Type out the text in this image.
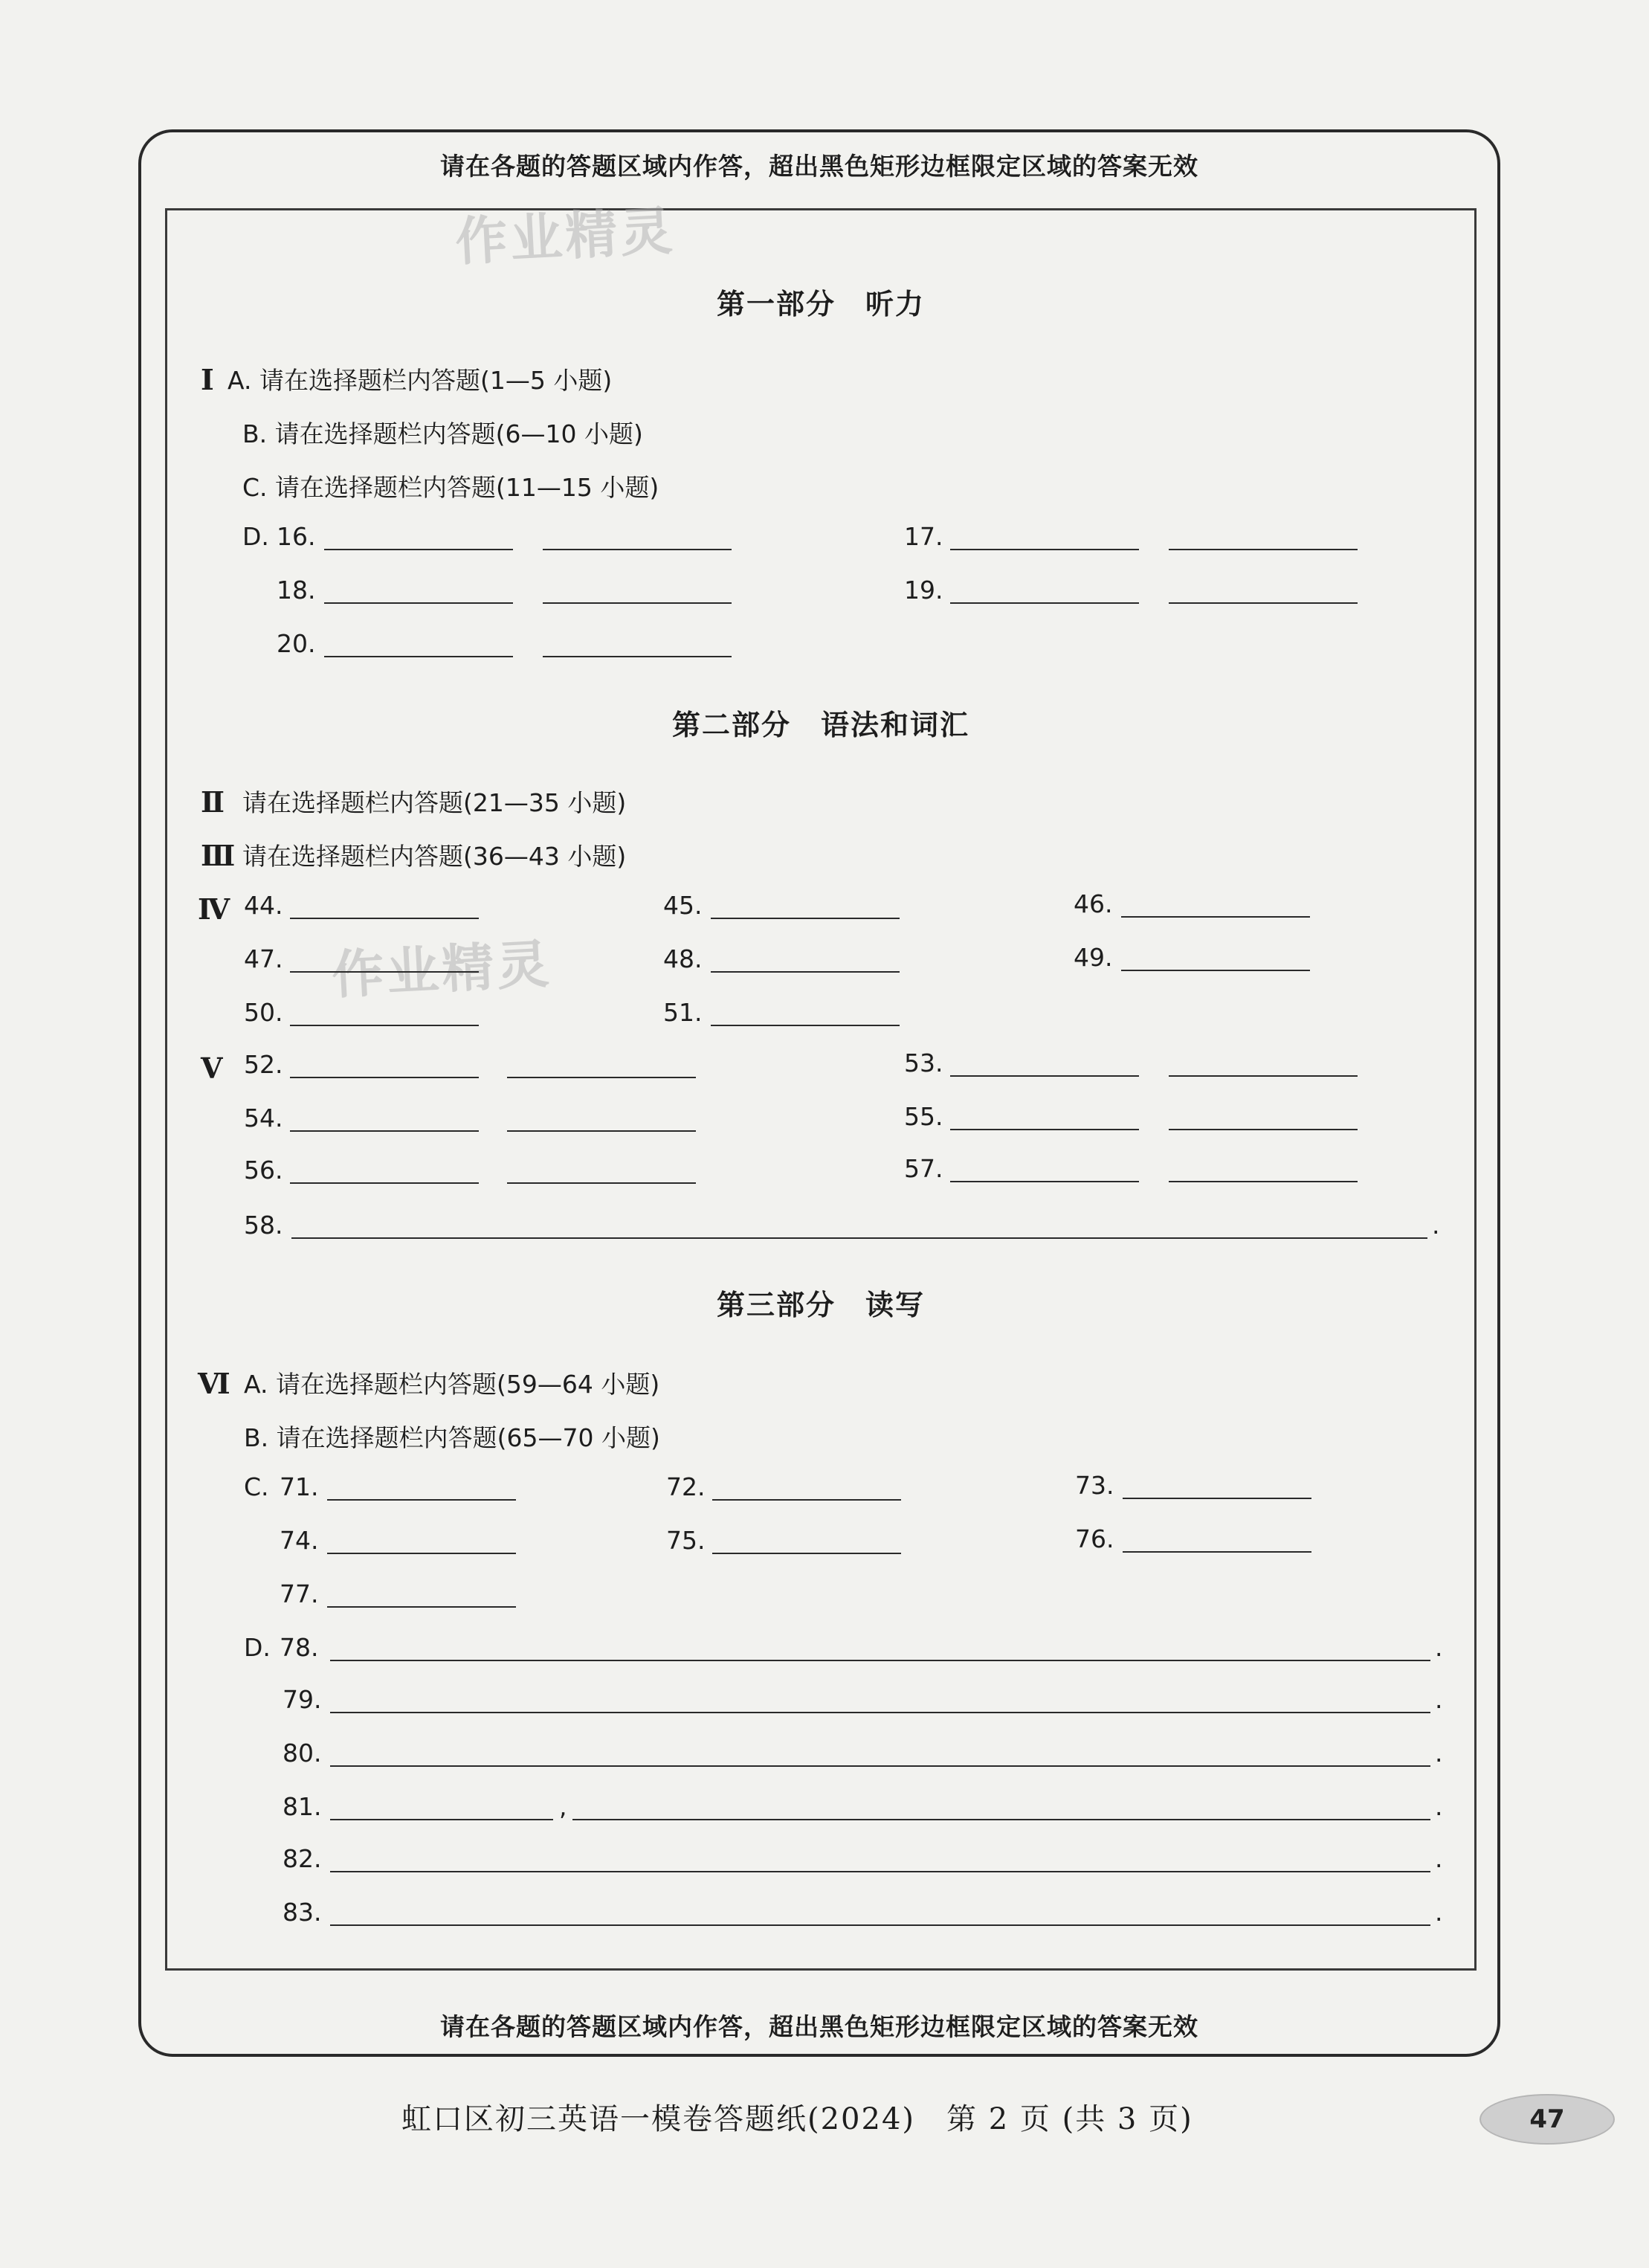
请在各题的答题区域内作答，超出黑色矩形边框限定区域的答案无效
请在各题的答题区域内作答，超出黑色矩形边框限定区域的答案无效
作业精灵
作业精灵
第一部分　听力
Ⅰ A. 请在选择题栏内答题(1—5 小题)
B. 请在选择题栏内答题(6—10 小题)
C. 请在选择题栏内答题(11—15 小题)
D. 16.	17.
18.	19.
20.
第二部分　语法和词汇
Ⅱ 请在选择题栏内答题(21—35 小题)
Ⅲ 请在选择题栏内答题(36—43 小题)
Ⅳ 44.	45.	46.
47.	48.	49.
50.	51.
Ⅴ 52.	53.
54.	55.
56.	57.
58.	.
第三部分　读写
Ⅵ A. 请在选择题栏内答题(59—64 小题)
B. 请在选择题栏内答题(65—70 小题)
C. 71.	72.	73.
74.	75.	76.
77.
D. 78.	.
79.	.
80.	.
81.	,	.
82.	.
83.	.
虹口区初三英语一模卷答题纸(2024)　第 2 页 (共 3 页)	47
